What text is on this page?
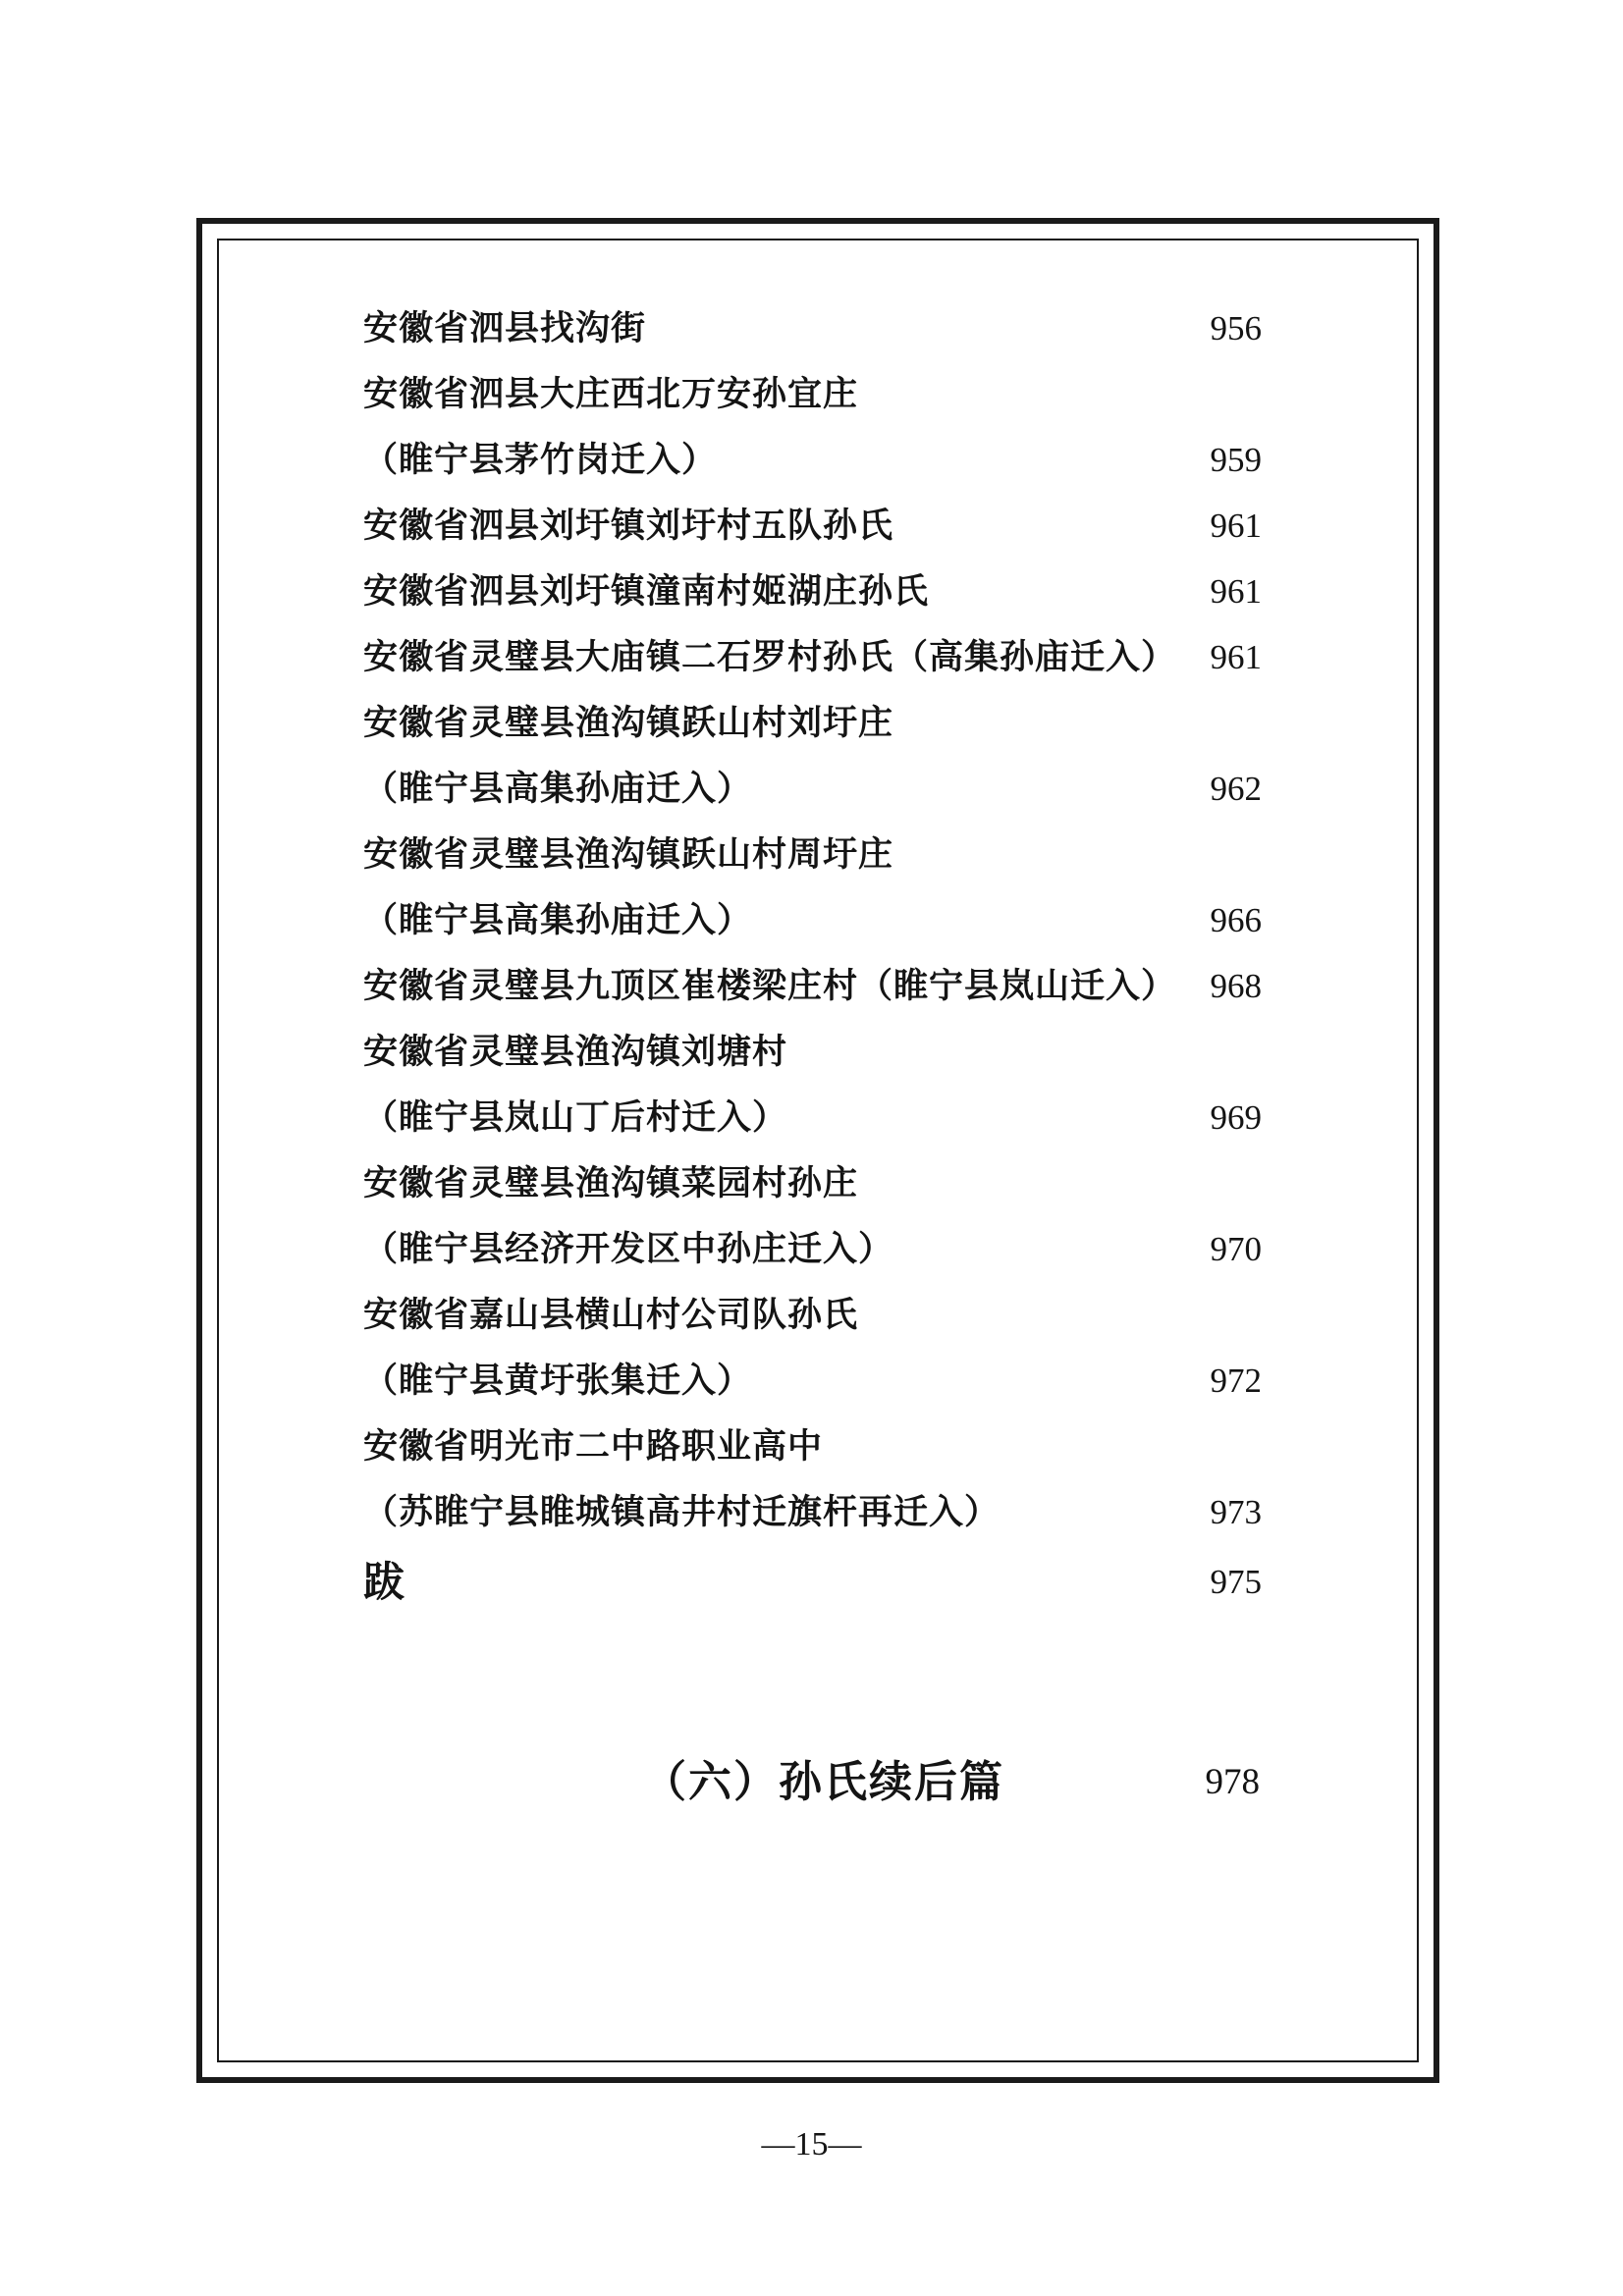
安徽省泗县找沟街	956
安徽省泗县大庄西北万安孙宜庄
（睢宁县茅竹岗迁入）	959
安徽省泗县刘圩镇刘圩村五队孙氏	961
安徽省泗县刘圩镇潼南村姬湖庄孙氏	961
安徽省灵璧县大庙镇二石罗村孙氏（高集孙庙迁入） 961
安徽省灵璧县渔沟镇跃山村刘圩庄
（睢宁县高集孙庙迁入）	962
安徽省灵璧县渔沟镇跃山村周圩庄
（睢宁县高集孙庙迁入）	966
安徽省灵璧县九顶区崔楼梁庄村（睢宁县岚山迁入） 968
安徽省灵璧县渔沟镇刘塘村
（睢宁县岚山丁后村迁入）	969
安徽省灵璧县渔沟镇菜园村孙庄
（睢宁县经济开发区中孙庄迁入）	970
安徽省嘉山县横山村公司队孙氏
（睢宁县黄圩张集迁入）	972
安徽省明光市二中路职业高中
（苏睢宁县睢城镇高井村迁旗杆再迁入）	973
跋	975
（六）孙氏续后篇	978
—15—
